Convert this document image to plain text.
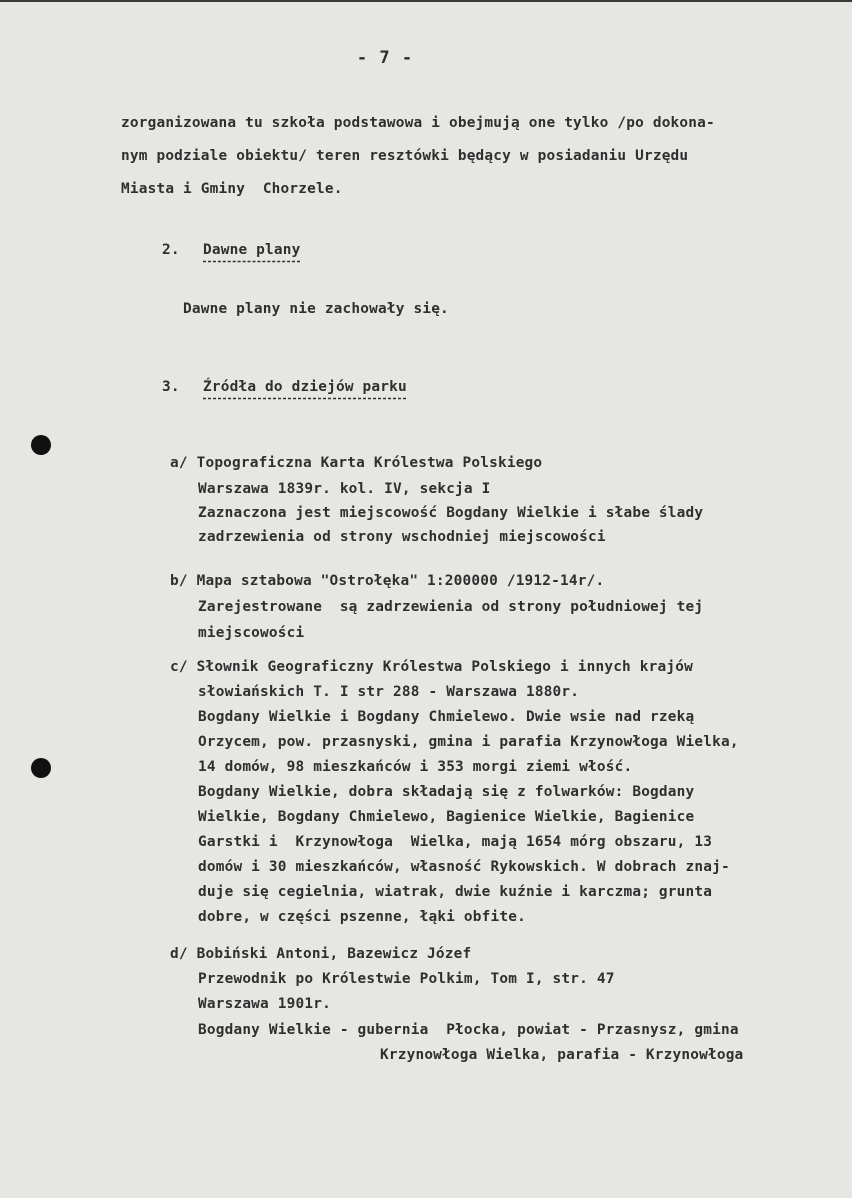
- 7 -
zorganizowana tu szkoła podstawowa i obejmują one tylko /po dokona-
nym podziale obiektu/ teren resztówki będący w posiadaniu Urzędu
Miasta i Gminy  Chorzele.
2. Dawne plany
Dawne plany nie zachowały się.
3. Źródła do dziejów parku
a/ Topograficzna Karta Królestwa Polskiego
Warszawa 1839r. kol. IV, sekcja I
Zaznaczona jest miejscowość Bogdany Wielkie i słabe ślady
zadrzewienia od strony wschodniej miejscowości
b/ Mapa sztabowa "Ostrołęka" 1:200000 /1912-14r/.
Zarejestrowane  są zadrzewienia od strony południowej tej
miejscowości
c/ Słownik Geograficzny Królestwa Polskiego i innych krajów
słowiańskich T. I str 288 - Warszawa 1880r.
Bogdany Wielkie i Bogdany Chmielewo. Dwie wsie nad rzeką
Orzycem, pow. przasnyski, gmina i parafia Krzynowłoga Wielka,
14 domów, 98 mieszkańców i 353 morgi ziemi włość.
Bogdany Wielkie, dobra składają się z folwarków: Bogdany
Wielkie, Bogdany Chmielewo, Bagienice Wielkie, Bagienice
Garstki i  Krzynowłoga  Wielka, mają 1654 mórg obszaru, 13
domów i 30 mieszkańców, własność Rykowskich. W dobrach znaj-
duje się cegielnia, wiatrak, dwie kuźnie i karczma; grunta
dobre, w części pszenne, łąki obfite.
d/ Bobiński Antoni, Bazewicz Józef
Przewodnik po Królestwie Polkim, Tom I, str. 47
Warszawa 1901r.
Bogdany Wielkie - gubernia  Płocka, powiat - Przasnysz, gmina
Krzynowłoga Wielka, parafia - Krzynowłoga
